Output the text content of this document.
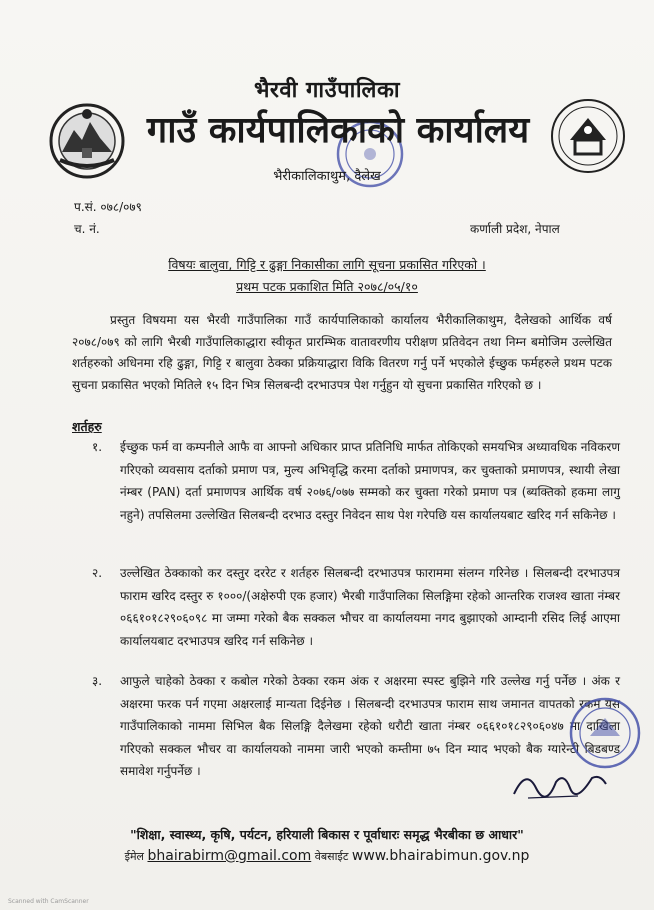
भैरवी गाउँपालिका
गाउँ कार्यपालिकाको कार्यालय
भैरीकालिकाथुम, दैलेख
प.सं. ०७८/०७९
च. नं.	कर्णाली प्रदेश, नेपाल
विषयः बालुवा, गिट्टि र ढुङ्गा निकासीका लागि सूचना प्रकासित गरिएको ।
प्रथम पटक प्रकाशित मिति २०७८/०५/१०
प्रस्तुत विषयमा यस भैरवी गाउँपालिका गाउँ कार्यपालिकाको कार्यालय भैरीकालिकाथुम, दैलेखको आर्थिक वर्ष २०७८/०७९ को लागि भैरबी गाउँपालिकाद्धारा स्वीकृत प्रारम्भिक वातावरणीय परीक्षण प्रतिवेदन तथा निम्न बमोजिम उल्लेखित शर्तहरुको अधिनमा रहि ढुङ्गा, गिट्टि र बालुवा ठेक्का प्रक्रियाद्धारा विकि वितरण गर्नु पर्ने भएकोले ईच्छुक फर्महरुले प्रथम पटक सुचना प्रकासित भएको मितिले १५ दिन भित्र सिलबन्दी दरभाउपत्र पेश गर्नुहुन यो सुचना प्रकासित गरिएको छ ।
शर्तहरु
१. ईच्छुक फर्म वा कम्पनीले आफै वा आफ्नो अधिकार प्राप्त प्रतिनिधि मार्फत तोकिएको समयभित्र अध्यावधिक नविकरण गरिएको व्यवसाय दर्ताको प्रमाण पत्र, मुल्य अभिवृद्धि करमा दर्ताको प्रमाणपत्र, कर चुक्ताको प्रमाणपत्र, स्थायी लेखा नंम्बर (PAN) दर्ता प्रमाणपत्र आर्थिक वर्ष २०७६/०७७ सम्मको कर चुक्ता गरेको प्रमाण पत्र (ब्यक्तिको हकमा लागु नहुने) तपसिलमा उल्लेखित सिलबन्दी दरभाउ दस्तुर निवेदन साथ पेश गरेपछि यस कार्यालयबाट खरिद गर्न सकिनेछ ।
२. उल्लेखित ठेक्काको कर दस्तुर दररेट र शर्तहरु सिलबन्दी दरभाउपत्र फाराममा संलग्न गरिनेछ । सिलबन्दी दरभाउपत्र फाराम खरिद दस्तुर रु १०००/(अक्षेरुपी एक हजार) भैरबी गाउँपालिका सिलङ्गिमा रहेको आन्तरिक राजश्व खाता नंम्बर ०६६१०१८२९०६०९८ मा जम्मा गरेको बैक सक्कल भौचर वा कार्यालयमा नगद बुझाएको आम्दानी रसिद लिई आएमा कार्यालयबाट दरभाउपत्र खरिद गर्न सकिनेछ ।
३. आफुले चाहेको ठेक्का र कबोल गरेको ठेक्का रकम अंक र अक्षरमा स्पस्ट बुझिने गरि उल्लेख गर्नु पर्नेछ । अंक र अक्षरमा फरक पर्न गएमा अक्षरलाई मान्यता दिईनेछ । सिलबन्दी दरभाउपत्र फाराम साथ जमानत वापतको रकम यस गाउँपालिकाको नाममा सिभिल बैक सिलङ्गि दैलेखमा रहेको धरौटी खाता नंम्बर ०६६१०१८२९०६०४७ मा दाखिला गरिएको सक्कल भौचर वा कार्यालयको नाममा जारी भएको कम्तीमा ७५ दिन म्याद भएको बैक ग्यारेन्टी बिडबण्ड समावेश गर्नुपर्नेछ ।
"शिक्षा, स्वास्थ्य, कृषि, पर्यटन, हरियाली बिकास र पूर्वाधारः समृद्ध भैरबीका छ आधार"
ईमेल bhairabirm@gmail.com वेबसाईट www.bhairabimun.gov.np
Scanned with CamScanner
